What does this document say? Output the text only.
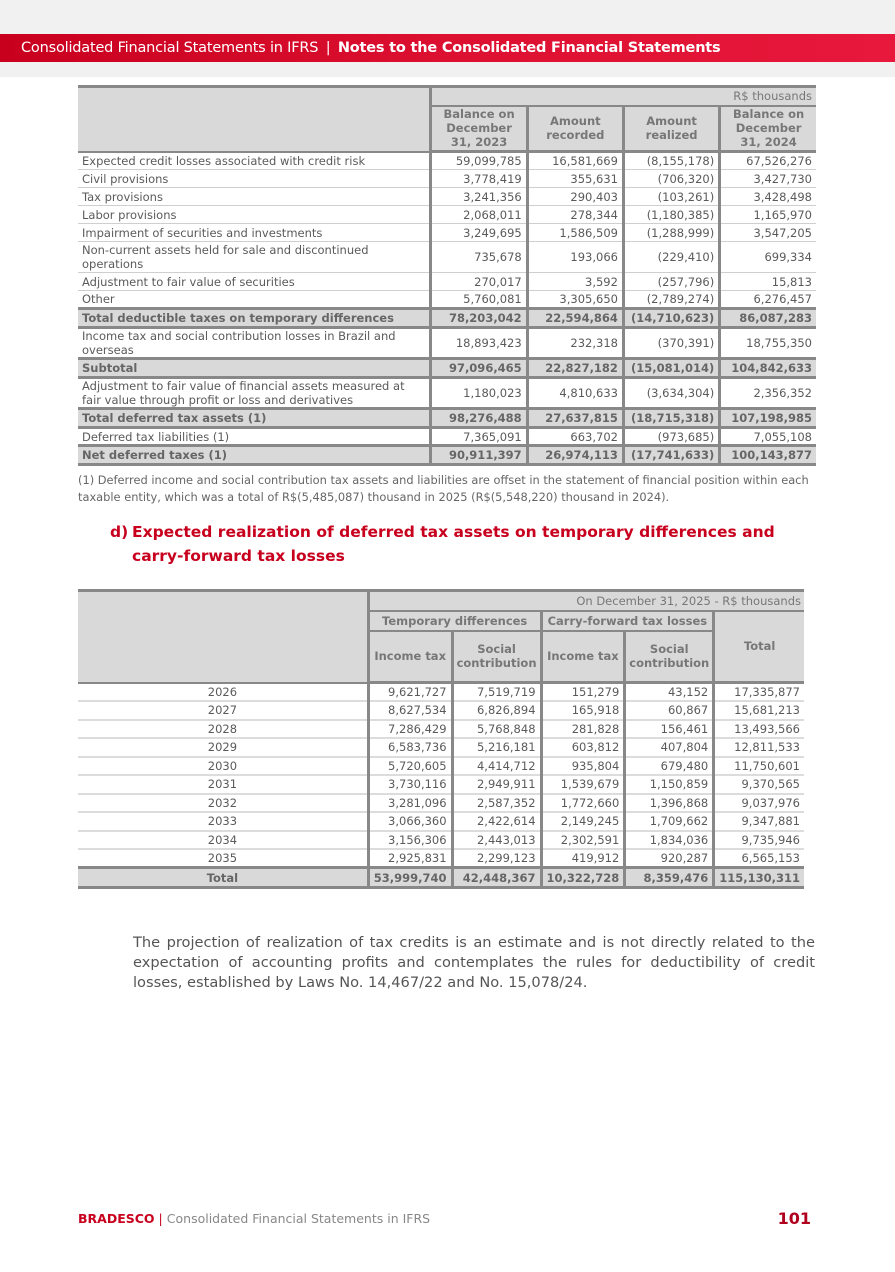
Consolidated Financial Statements in IFRS | Notes to the Consolidated Financial Statements
	R$ thousands			
	Balance on December 31, 2023	Amount recorded	Amount realized	Balance on December 31, 2024
Expected credit losses associated with credit risk	59,099,785	16,581,669	(8,155,178)	67,526,276
Civil provisions	3,778,419	355,631	(706,320)	3,427,730
Tax provisions	3,241,356	290,403	(103,261)	3,428,498
Labor provisions	2,068,011	278,344	(1,180,385)	1,165,970
Impairment of securities and investments	3,249,695	1,586,509	(1,288,999)	3,547,205
Non-current assets held for sale and discontinued operations	735,678	193,066	(229,410)	699,334
Adjustment to fair value of securities	270,017	3,592	(257,796)	15,813
Other	5,760,081	3,305,650	(2,789,274)	6,276,457
Total deductible taxes on temporary differences	78,203,042	22,594,864	(14,710,623)	86,087,283
Income tax and social contribution losses in Brazil and overseas	18,893,423	232,318	(370,391)	18,755,350
Subtotal	97,096,465	22,827,182	(15,081,014)	104,842,633
Adjustment to fair value of financial assets measured at fair value through profit or loss and derivatives	1,180,023	4,810,633	(3,634,304)	2,356,352
Total deferred tax assets (1)	98,276,488	27,637,815	(18,715,318)	107,198,985
Deferred tax liabilities (1)	7,365,091	663,702	(973,685)	7,055,108
Net deferred taxes (1)	90,911,397	26,974,113	(17,741,633)	100,143,877
(1) Deferred income and social contribution tax assets and liabilities are offset in the statement of financial position within each taxable entity, which was a total of R$(5,485,087) thousand in 2025 (R$(5,548,220) thousand in 2024).
d) Expected realization of deferred tax assets on temporary differences and carry-forward tax losses
	On December 31, 2025 - R$ thousands				
	Temporary differences		Carry-forward tax losses		Total
	Income tax	Social contribution	Income tax	Social contribution	
2026	9,621,727	7,519,719	151,279	43,152	17,335,877
2027	8,627,534	6,826,894	165,918	60,867	15,681,213
2028	7,286,429	5,768,848	281,828	156,461	13,493,566
2029	6,583,736	5,216,181	603,812	407,804	12,811,533
2030	5,720,605	4,414,712	935,804	679,480	11,750,601
2031	3,730,116	2,949,911	1,539,679	1,150,859	9,370,565
2032	3,281,096	2,587,352	1,772,660	1,396,868	9,037,976
2033	3,066,360	2,422,614	2,149,245	1,709,662	9,347,881
2034	3,156,306	2,443,013	2,302,591	1,834,036	9,735,946
2035	2,925,831	2,299,123	419,912	920,287	6,565,153
Total	53,999,740	42,448,367	10,322,728	8,359,476	115,130,311
The projection of realization of tax credits is an estimate and is not directly related to the expectation of accounting profits and contemplates the rules for deductibility of credit losses, established by Laws No. 14,467/22 and No. 15,078/24.
BRADESCO | Consolidated Financial Statements in IFRS	101
